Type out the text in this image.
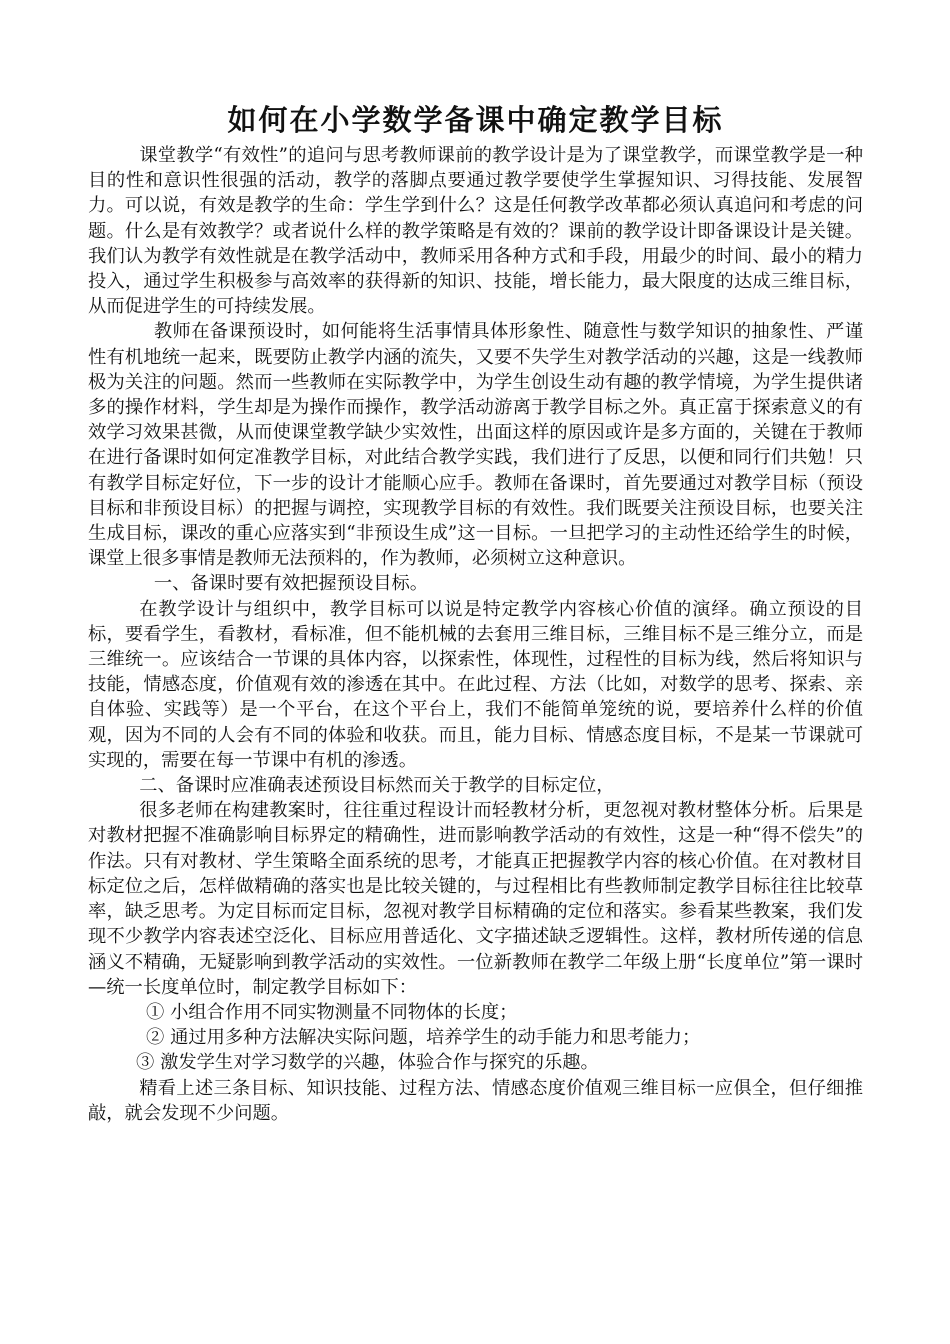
如何在小学数学备课中确定教学目标

课堂教学“有效性”的追问与思考教师课前的教学设计是为了课堂教学，而课堂教学是一种目的性和意识性很强的活动，教学的落脚点要通过教学要使学生掌握知识、习得技能、发展智力。可以说，有效是教学的生命：学生学到什么？这是任何教学改革都必须认真追问和考虑的问题。什么是有效教学？或者说什么样的教学策略是有效的？课前的教学设计即备课设计是关键。我们认为教学有效性就是在教学活动中，教师采用各种方式和手段，用最少的时间、最小的精力投入，通过学生积极参与高效率的获得新的知识、技能，增长能力，最大限度的达成三维目标，从而促进学生的可持续发展。

教师在备课预设时，如何能将生活事情具体形象性、随意性与数学知识的抽象性、严谨性有机地统一起来，既要防止教学内涵的流失，又要不失学生对教学活动的兴趣，这是一线教师极为关注的问题。然而一些教师在实际教学中，为学生创设生动有趣的教学情境，为学生提供诸多的操作材料，学生却是为操作而操作，教学活动游离于教学目标之外。真正富于探索意义的有效学习效果甚微，从而使课堂教学缺少实效性，出面这样的原因或许是多方面的，关键在于教师在进行备课时如何定准教学目标，对此结合教学实践，我们进行了反思，以便和同行们共勉！只有教学目标定好位，下一步的设计才能顺心应手。教师在备课时，首先要通过对教学目标（预设目标和非预设目标）的把握与调控，实现教学目标的有效性。我们既要关注预设目标，也要关注生成目标，课改的重心应落实到“非预设生成”这一目标。一旦把学习的主动性还给学生的时候，课堂上很多事情是教师无法预料的，作为教师，必须树立这种意识。

一、备课时要有效把握预设目标。

在教学设计与组织中，教学目标可以说是特定教学内容核心价值的演绎。确立预设的目标，要看学生，看教材，看标准，但不能机械的去套用三维目标，三维目标不是三维分立，而是三维统一。应该结合一节课的具体内容，以探索性，体现性，过程性的目标为线，然后将知识与技能，情感态度，价值观有效的渗透在其中。在此过程、方法（比如，对数学的思考、探索、亲自体验、实践等）是一个平台，在这个平台上，我们不能简单笼统的说，要培养什么样的价值观，因为不同的人会有不同的体验和收获。而且，能力目标、情感态度目标，不是某一节课就可实现的，需要在每一节课中有机的渗透。

二、备课时应准确表述预设目标然而关于教学的目标定位，

很多老师在构建教案时，往往重过程设计而轻教材分析，更忽视对教材整体分析。后果是对教材把握不准确影响目标界定的精确性，进而影响教学活动的有效性，这是一种“得不偿失”的作法。只有对教材、学生策略全面系统的思考，才能真正把握教学内容的核心价值。在对教材目标定位之后，怎样做精确的落实也是比较关键的，与过程相比有些教师制定教学目标往往比较草率，缺乏思考。为定目标而定目标，忽视对教学目标精确的定位和落实。参看某些教案，我们发现不少教学内容表述空泛化、目标应用普适化、文字描述缺乏逻辑性。这样，教材所传递的信息涵义不精确，无疑影响到教学活动的实效性。一位新教师在教学二年级上册“长度单位”第一课时—统一长度单位时，制定教学目标如下：

① 小组合作用不同实物测量不同物体的长度；

② 通过用多种方法解决实际问题，培养学生的动手能力和思考能力；

③ 激发学生对学习数学的兴趣，体验合作与探究的乐趣。

精看上述三条目标、知识技能、过程方法、情感态度价值观三维目标一应俱全，但仔细推敲，就会发现不少问题。
